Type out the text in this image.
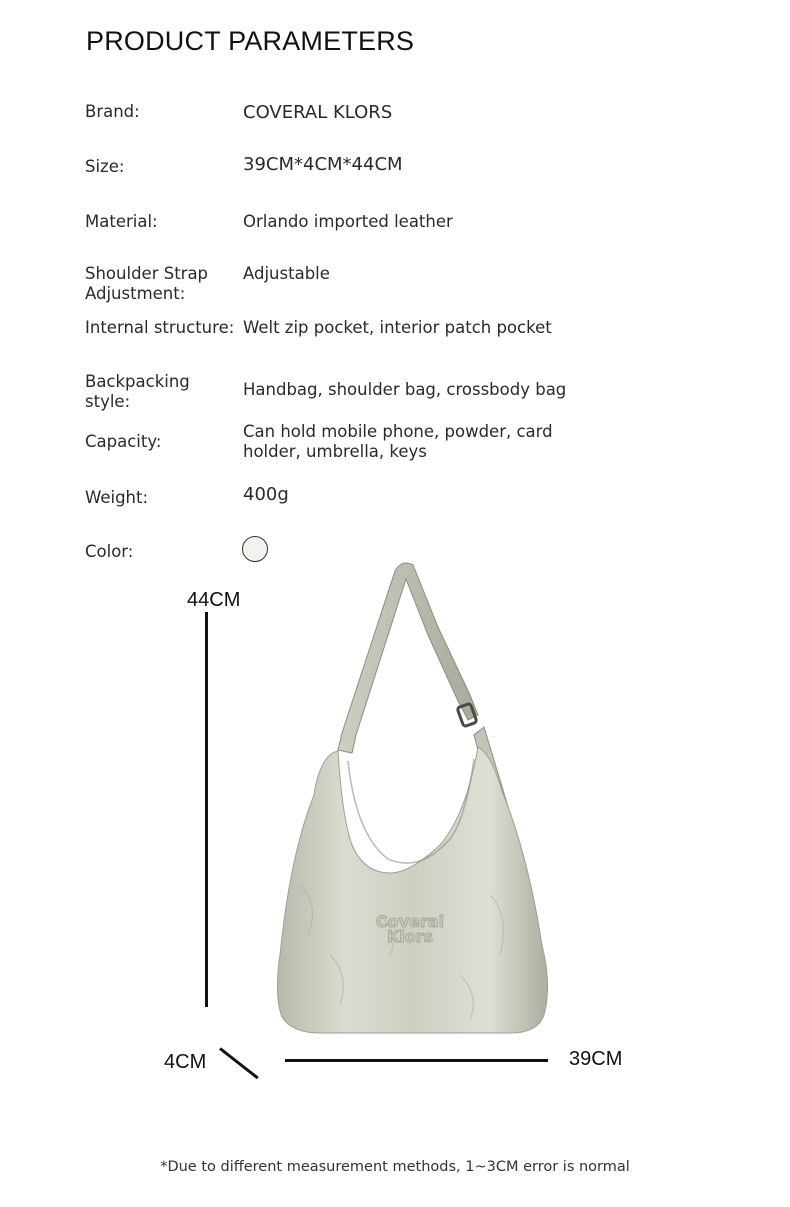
PRODUCT PARAMETERS
Brand:	COVERAL KLORS
Size:	39CM*4CM*44CM
Material:	Orlando imported leather
Shoulder Strap Adjustment:
Adjustable
Internal structure: Welt zip pocket, interior patch pocket
Backpacking style:
Handbag, shoulder bag, crossbody bag
Capacity:
Can hold mobile phone, powder, card holder, umbrella, keys
Weight:	400g
Color:
44CM
4CM	39CM
Coveral
Klors
*Due to different measurement methods, 1~3CM error is normal
